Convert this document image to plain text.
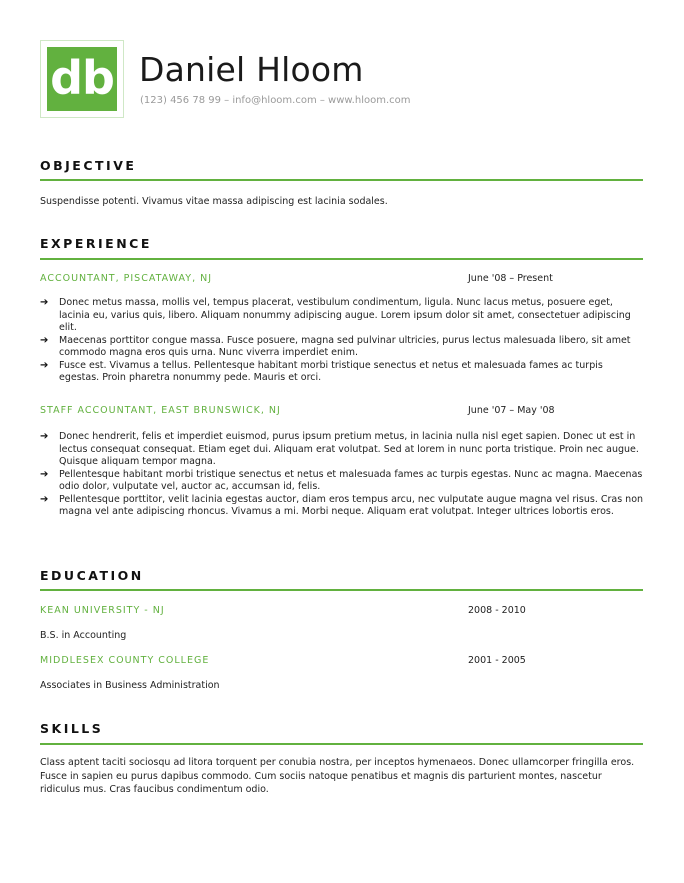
db Daniel Hloom
(123) 456 78 99 – info@hloom.com – www.hloom.com
OBJECTIVE
Suspendisse potenti. Vivamus vitae massa adipiscing est lacinia sodales.
EXPERIENCE
ACCOUNTANT, PISCATAWAY, NJ	June '08 – Present
➔ Donec metus massa, mollis vel, tempus placerat, vestibulum condimentum, ligula. Nunc lacus metus, posuere eget, lacinia eu, varius quis, libero. Aliquam nonummy adipiscing augue. Lorem ipsum dolor sit amet, consectetuer adipiscing elit.
➔ Maecenas porttitor congue massa. Fusce posuere, magna sed pulvinar ultricies, purus lectus malesuada libero, sit amet commodo magna eros quis urna. Nunc viverra imperdiet enim.
➔ Fusce est. Vivamus a tellus. Pellentesque habitant morbi tristique senectus et netus et malesuada fames ac turpis egestas. Proin pharetra nonummy pede. Mauris et orci.
STAFF ACCOUNTANT, EAST BRUNSWICK, NJ	June '07 – May '08
➔ Donec hendrerit, felis et imperdiet euismod, purus ipsum pretium metus, in lacinia nulla nisl eget sapien. Donec ut est in lectus consequat consequat. Etiam eget dui. Aliquam erat volutpat. Sed at lorem in nunc porta tristique. Proin nec augue. Quisque aliquam tempor magna.
➔ Pellentesque habitant morbi tristique senectus et netus et malesuada fames ac turpis egestas. Nunc ac magna. Maecenas odio dolor, vulputate vel, auctor ac, accumsan id, felis.
➔ Pellentesque porttitor, velit lacinia egestas auctor, diam eros tempus arcu, nec vulputate augue magna vel risus. Cras non magna vel ante adipiscing rhoncus. Vivamus a mi. Morbi neque. Aliquam erat volutpat. Integer ultrices lobortis eros.
EDUCATION
KEAN UNIVERSITY - NJ	2008 - 2010
B.S. in Accounting
MIDDLESEX COUNTY COLLEGE	2001 - 2005
Associates in Business Administration
SKILLS
Class aptent taciti sociosqu ad litora torquent per conubia nostra, per inceptos hymenaeos. Donec ullamcorper fringilla eros. Fusce in sapien eu purus dapibus commodo. Cum sociis natoque penatibus et magnis dis parturient montes, nascetur ridiculus mus. Cras faucibus condimentum odio.
